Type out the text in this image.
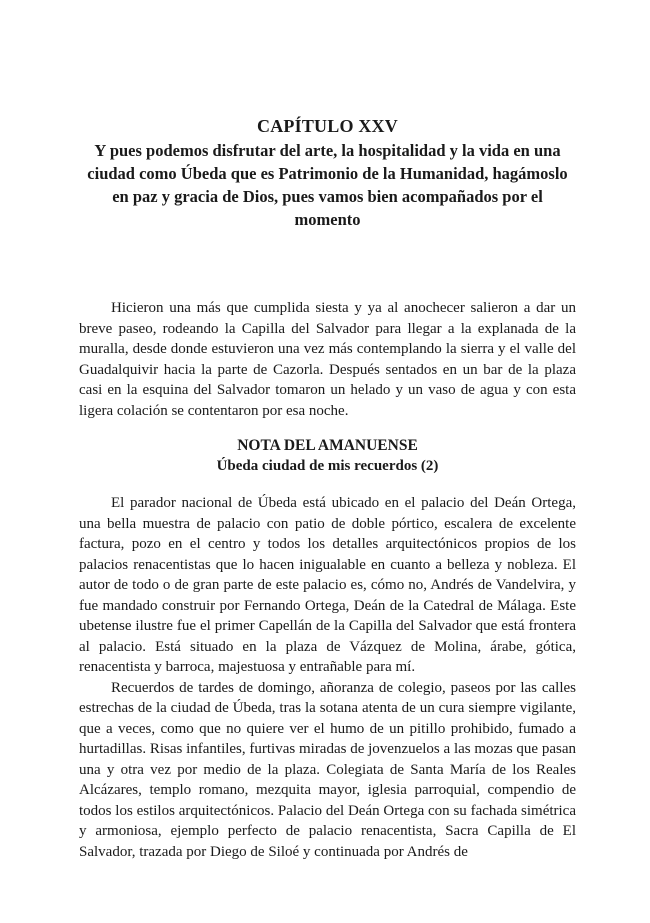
CAPÍTULO XXV
Y pues podemos disfrutar del arte, la hospitalidad y la vida en una ciudad como Úbeda que es Patrimonio de la Humanidad, hagámoslo en paz y gracia de Dios, pues vamos bien acompañados por el momento

Hicieron una más que cumplida siesta y ya al anochecer salieron a dar un breve paseo, rodeando la Capilla del Salvador para llegar a la explanada de la muralla, desde donde estuvieron una vez más contemplando la sierra y el valle del Guadalquivir hacia la parte de Cazorla. Después sentados en un bar de la plaza casi en la esquina del Salvador tomaron un helado y un vaso de agua y con esta ligera colación se contentaron por esa noche.

NOTA DEL AMANUENSE
Úbeda ciudad de mis recuerdos (2)

El parador nacional de Úbeda está ubicado en el palacio del Deán Ortega, una bella muestra de palacio con patio de doble pórtico, escalera de excelente factura, pozo en el centro y todos los detalles arquitectónicos propios de los palacios renacentistas que lo hacen inigualable en cuanto a belleza y nobleza. El autor de todo o de gran parte de este palacio es, cómo no, Andrés de Vandelvira, y fue mandado construir por Fernando Ortega, Deán de la Catedral de Málaga. Este ubetense ilustre fue el primer Capellán de la Capilla del Salvador que está frontera al palacio. Está situado en la plaza de Vázquez de Molina, árabe, gótica, renacentista y barroca, majestuosa y entrañable para mí.

Recuerdos de tardes de domingo, añoranza de colegio, paseos por las calles estrechas de la ciudad de Úbeda, tras la sotana atenta de un cura siempre vigilante, que a veces, como que no quiere ver el humo de un pitillo prohibido, fumado a hurtadillas. Risas infantiles, furtivas miradas de jovenzuelos a las mozas que pasan una y otra vez por medio de la plaza. Colegiata de Santa María de los Reales Alcázares, templo romano, mezquita mayor, iglesia parroquial, compendio de todos los estilos arquitectónicos. Palacio del Deán Ortega con su fachada simétrica y armoniosa, ejemplo perfecto de palacio renacentista, Sacra Capilla de El Salvador, trazada por Diego de Siloé y continuada por Andrés de
